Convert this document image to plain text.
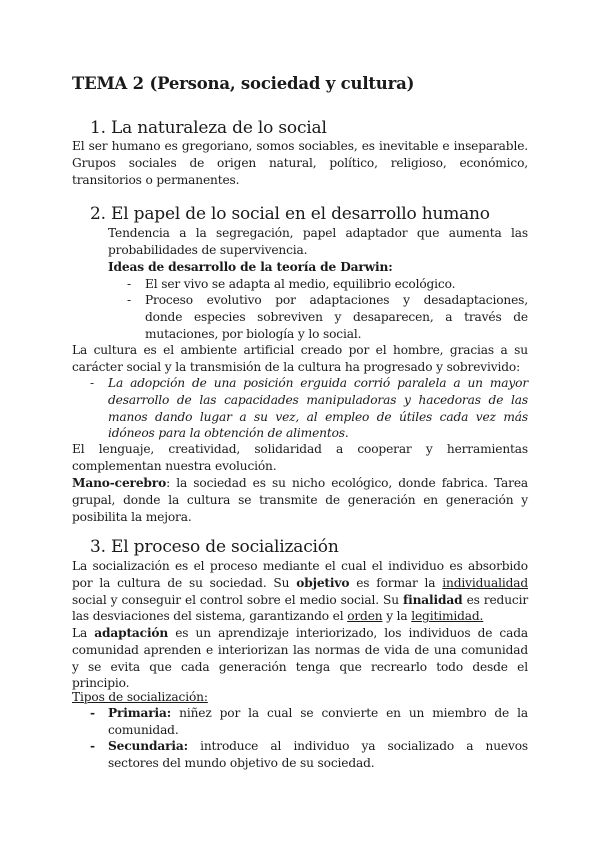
TEMA 2 (Persona, sociedad y cultura)
1. La naturaleza de lo social

El ser humano es gregoriano, somos sociables, es inevitable e inseparable.
Grupos sociales de origen natural, político, religioso, económico,
transitorios o permanentes.

2. El papel de lo social en el desarrollo humano

Tendencia a la segregación, papel adaptador que aumenta las
probabilidades de supervivencia.

Ideas de desarrollo de la teoría de Darwin:

-	El ser vivo se adapta al medio, equilibrio ecológico.
- Proceso evolutivo por adaptaciones y desadaptaciones,
donde especies sobreviven y desaparecen, a través de
mutaciones, por biología y lo social.

La cultura es el ambiente artificial creado por el hombre, gracias a su
carácter social y la transmisión de la cultura ha progresado y sobrevivido:

- La adopción de una posición erguida corrió paralela a un mayor
desarrollo de las capacidades manipuladoras y hacedoras de las
manos dando lugar a su vez, al empleo de útiles cada vez más
idóneos para la obtención de alimentos.

El lenguaje, creatividad, solidaridad a cooperar y herramientas
complementan nuestra evolución.

Mano-cerebro: la sociedad es su nicho ecológico, donde fabrica. Tarea
grupal, donde la cultura se transmite de generación en generación y
posibilita la mejora.

3. El proceso de socialización

La socialización es el proceso mediante el cual el individuo es absorbido
por la cultura de su sociedad. Su objetivo es formar la individualidad
social y conseguir el control sobre el medio social. Su finalidad es reducir
las desviaciones del sistema, garantizando el orden y la legitimidad.

La adaptación es un aprendizaje interiorizado, los individuos de cada
comunidad aprenden e interiorizan las normas de vida de una comunidad
y se evita que cada generación tenga que recrearlo todo desde el
principio.

Tipos de socialización:

- Primaria: niñez por la cual se convierte en un miembro de la
comunidad.
- Secundaria: introduce al individuo ya socializado a nuevos
sectores del mundo objetivo de su sociedad.
